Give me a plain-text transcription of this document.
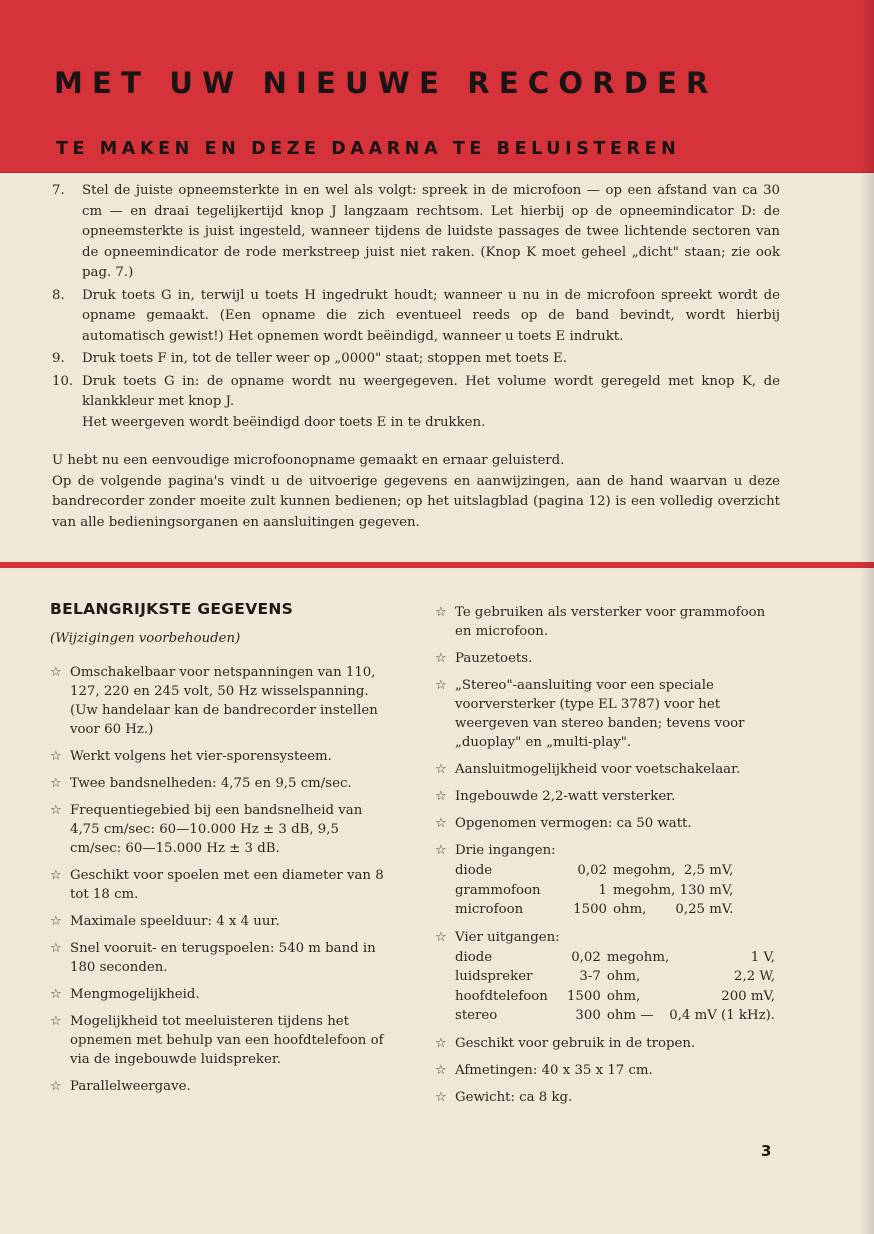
MET UW NIEUWE RECORDER
TE MAKEN EN DEZE DAARNA TE BELUISTEREN
7.	Stel de juiste opneemsterkte in en wel als volgt: spreek in de microfoon — op een afstand van ca 30 cm — en draai tegelijkertijd knop J langzaam rechtsom. Let hierbij op de opneemindicator D: de opneemsterkte is juist ingesteld, wanneer tijdens de luidste passages de twee lichtende sectoren van de opneemindicator de rode merkstreep juist niet raken. (Knop K moet geheel „dicht" staan; zie ook pag. 7.)
8.	Druk toets G in, terwijl u toets H ingedrukt houdt; wanneer u nu in de microfoon spreekt wordt de opname gemaakt. (Een opname die zich eventueel reeds op de band bevindt, wordt hierbij automatisch gewist!) Het opnemen wordt beëindigd, wanneer u toets E indrukt.
9.	Druk toets F in, tot de teller weer op „0000" staat; stoppen met toets E.
10. Druk toets G in: de opname wordt nu weergegeven. Het volume wordt geregeld met knop K, de klankkleur met knop J.
Het weergeven wordt beëindigd door toets E in te drukken.

U hebt nu een eenvoudige microfoonopname gemaakt en ernaar geluisterd.

Op de volgende pagina's vindt u de uitvoerige gegevens en aanwijzingen, aan de hand waarvan u deze bandrecorder zonder moeite zult kunnen bedienen; op het uitslagblad (pagina 12) is een volledig overzicht van alle bedieningsorganen en aansluitingen gegeven.

BELANGRIJKSTE GEGEVENS
(Wijzigingen voorbehouden)
☆ Omschakelbaar voor netspanningen van 110, 127, 220 en 245 volt, 50 Hz wisselspanning. (Uw handelaar kan de bandrecorder instellen voor 60 Hz.)
☆ Werkt volgens het vier-sporensysteem.
☆ Twee bandsnelheden: 4,75 en 9,5 cm/sec.
☆ Frequentiegebied bij een bandsnelheid van 4,75 cm/sec: 60—10.000 Hz ± 3 dB, 9,5 cm/sec: 60—15.000 Hz ± 3 dB.
☆ Geschikt voor spoelen met een diameter van 8 tot 18 cm.
☆ Maximale speelduur: 4 x 4 uur.
☆ Snel vooruit- en terugspoelen: 540 m band in 180 seconden.
☆ Mengmogelijkheid.
☆ Mogelijkheid tot meeluisteren tijdens het opnemen met behulp van een hoofdtelefoon of via de ingebouwde luidspreker.
☆ Parallelweergave.
☆ Te gebruiken als versterker voor grammofoon en microfoon.
☆ Pauzetoets.
☆ „Stereo"-aansluiting voor een speciale voorversterker (type EL 3787) voor het weergeven van stereo banden; tevens voor „duoplay" en „multi-play".
☆ Aansluitmogelijkheid voor voetschakelaar.
☆ Ingebouwde 2,2-watt versterker.
☆ Opgenomen vermogen: ca 50 watt.
☆ Drie ingangen:
diode	0,02	megohm,	2,5 mV,
grammofoon	1	megohm,	130 mV,
microfoon	1500	ohm,	0,25 mV.
☆ Vier uitgangen:
diode	0,02	megohm,	1 V,
luidspreker	3-7	ohm,	2,2 W,
hoofdtelefoon	1500	ohm,	200 mV,
stereo	300	ohm —	0,4 mV (1 kHz).
☆ Geschikt voor gebruik in de tropen.
☆ Afmetingen: 40 x 35 x 17 cm.
☆ Gewicht: ca 8 kg.
3
